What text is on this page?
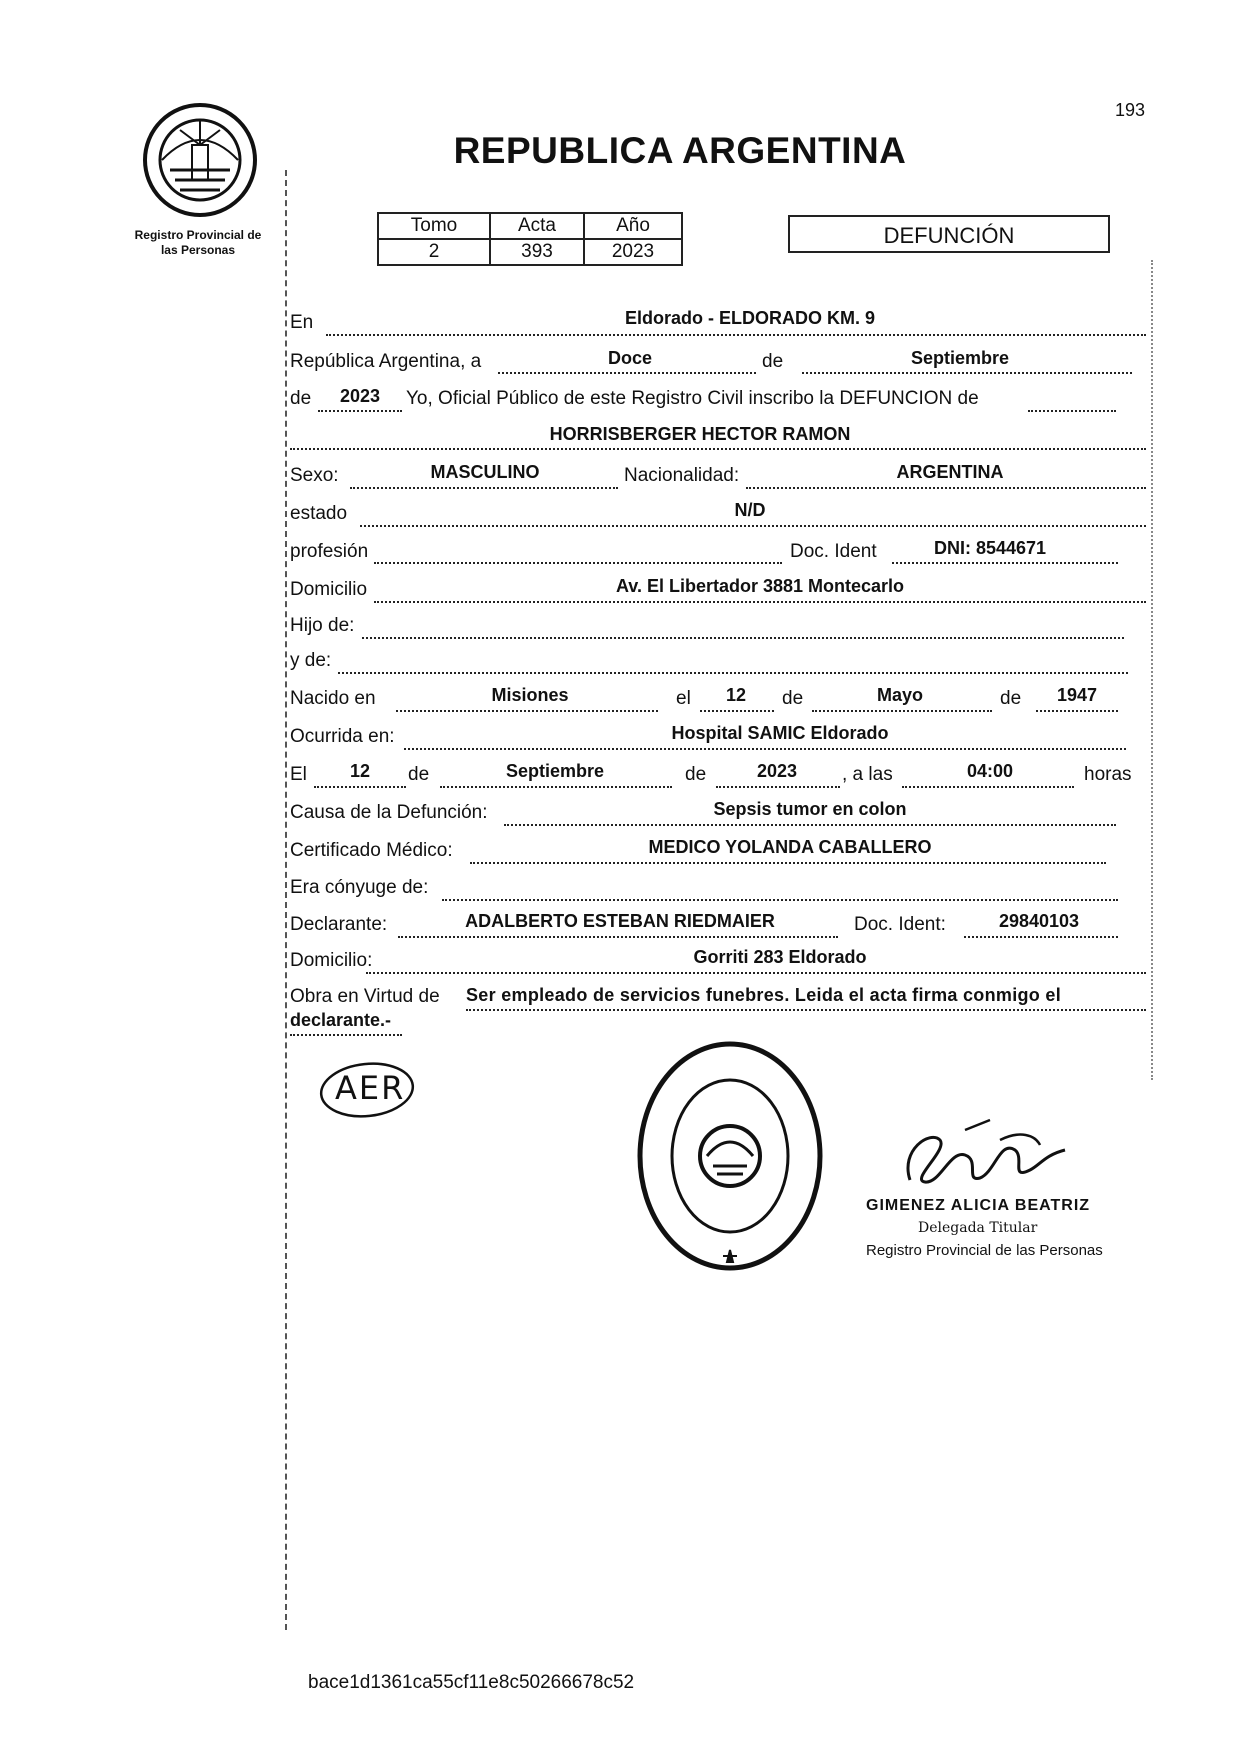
193
Registro Provincial de
las Personas
REPUBLICA ARGENTINA
Tomo	Acta	Año
2	393	2023
DEFUNCIÓN
En	Eldorado - ELDORADO KM. 9
República Argentina, a	Doce	de	Septiembre
de	2023	Yo, Oficial Público de este Registro Civil inscribo la DEFUNCION de
HORRISBERGER HECTOR RAMON
Sexo:	MASCULINO	Nacionalidad:	ARGENTINA
estado	N/D
profesión	Doc. Ident	DNI: 8544671
Domicilio	Av. El Libertador 3881 Montecarlo
Hijo de:
y de:
Nacido en	Misiones	el	12	de	Mayo	de	1947
Ocurrida en:	Hospital SAMIC Eldorado
El	12	de	Septiembre	de	2023	, a las	04:00	horas
Causa de la Defunción:	Sepsis tumor en colon
Certificado Médico:	MEDICO YOLANDA CABALLERO
Era cónyuge de:
Declarante:	ADALBERTO ESTEBAN RIEDMAIER	Doc. Ident:	29840103
Domicilio:	Gorriti 283 Eldorado
Obra en Virtud de Ser empleado de servicios funebres. Leida el acta firma conmigo el
declarante.-
AER
GIMENEZ ALICIA BEATRIZ
Delegada Titular
Registro Provincial de las Personas
bace1d1361ca55cf11e8c50266678c52
